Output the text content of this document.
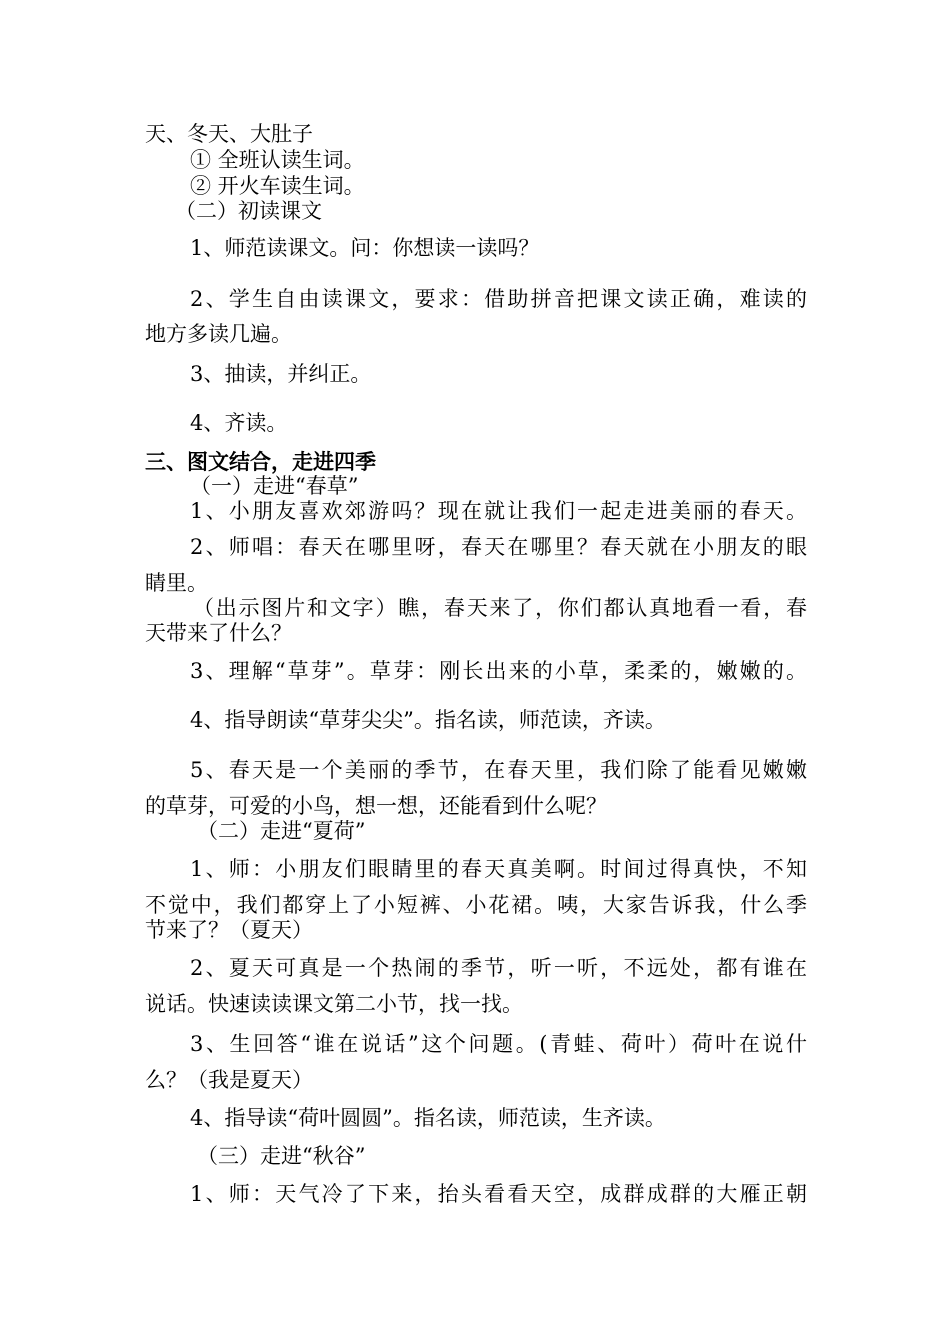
天、冬天、大肚子
① 全班认读生词。
② 开火车读生词。
（二）初读课文
1、师范读课文。问：你想读一读吗？
2、学生自由读课文，要求：借助拼音把课文读正确，难读的
地方多读几遍。
3、抽读，并纠正。
4、齐读。
三、图文结合，走进四季
（一）走进“春草”
1、小朋友喜欢郊游吗？现在就让我们一起走进美丽的春天。
2、师唱：春天在哪里呀，春天在哪里？春天就在小朋友的眼
睛里。
（出示图片和文字）瞧，春天来了，你们都认真地看一看，春
天带来了什么？
3、理解“草芽”。草芽：刚长出来的小草，柔柔的，嫩嫩的。
4、指导朗读“草芽尖尖”。指名读，师范读，齐读。
5、春天是一个美丽的季节，在春天里，我们除了能看见嫩嫩
的草芽，可爱的小鸟，想一想，还能看到什么呢？
（二）走进“夏荷”
1、师：小朋友们眼睛里的春天真美啊。时间过得真快，不知
不觉中，我们都穿上了小短裤、小花裙。咦，大家告诉我，什么季
节来了？（夏天）
2、夏天可真是一个热闹的季节，听一听，不远处，都有谁在
说话。快速读读课文第二小节，找一找。
3、生回答“谁在说话”这个问题。(青蛙、荷叶）荷叶在说什
么？（我是夏天）
4、指导读“荷叶圆圆”。指名读，师范读，生齐读。
（三）走进“秋谷”
1、师：天气冷了下来，抬头看看天空，成群成群的大雁正朝
